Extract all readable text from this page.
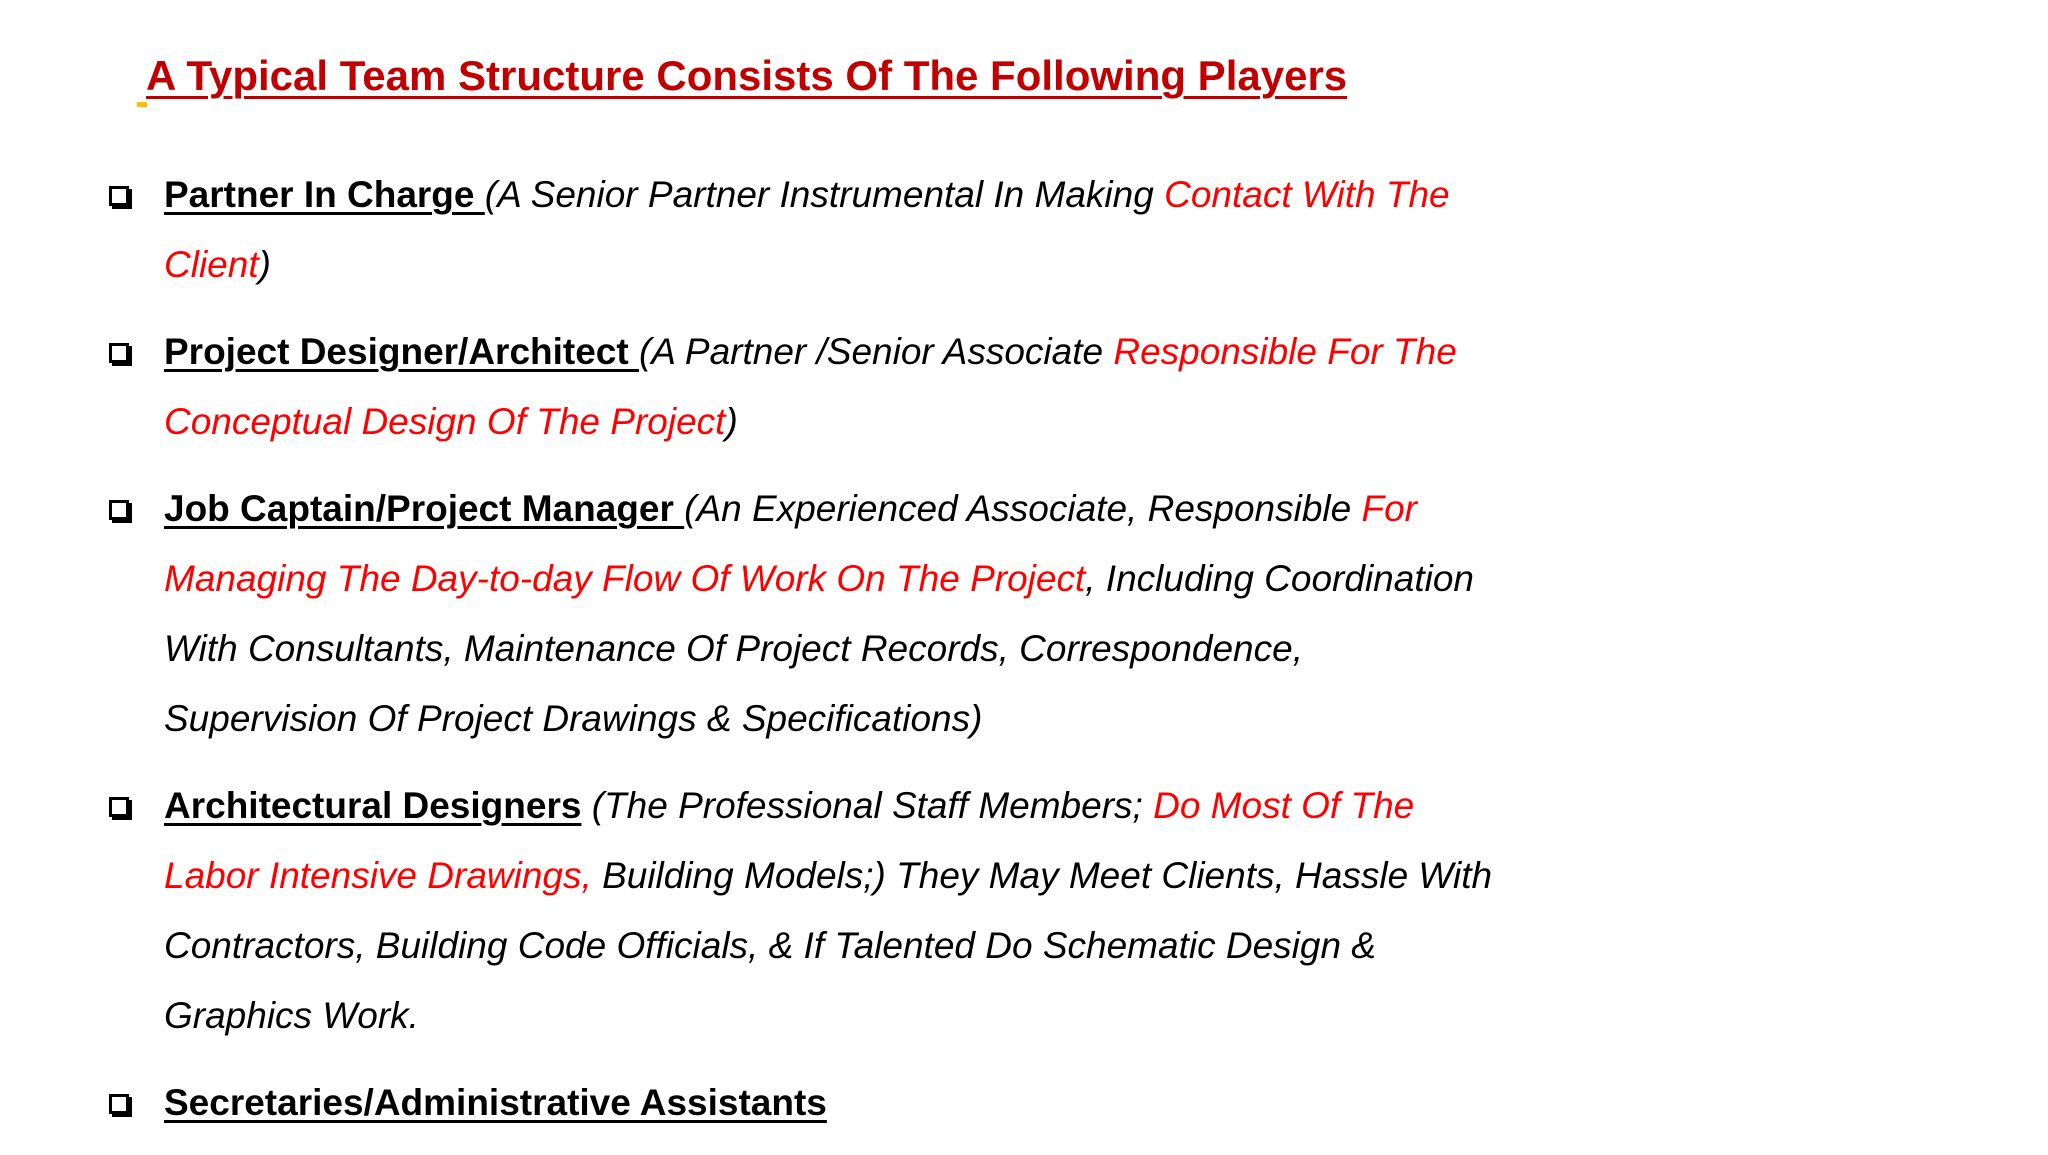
A Typical Team Structure Consists Of The Following Players
Partner In Charge (A Senior Partner Instrumental In Making Contact With The Client)
Project Designer/Architect (A Partner /Senior Associate Responsible For The Conceptual Design Of The Project)
Job Captain/Project Manager (An Experienced Associate, Responsible For Managing The Day-to-day Flow Of Work On The Project, Including Coordination With Consultants, Maintenance Of Project Records, Correspondence, Supervision Of Project Drawings & Specifications)
Architectural Designers (The Professional Staff Members; Do Most Of The Labor Intensive Drawings, Building Models;) They May Meet Clients, Hassle With Contractors, Building Code Officials, & If Talented Do Schematic Design & Graphics Work.
Secretaries/Administrative Assistants
